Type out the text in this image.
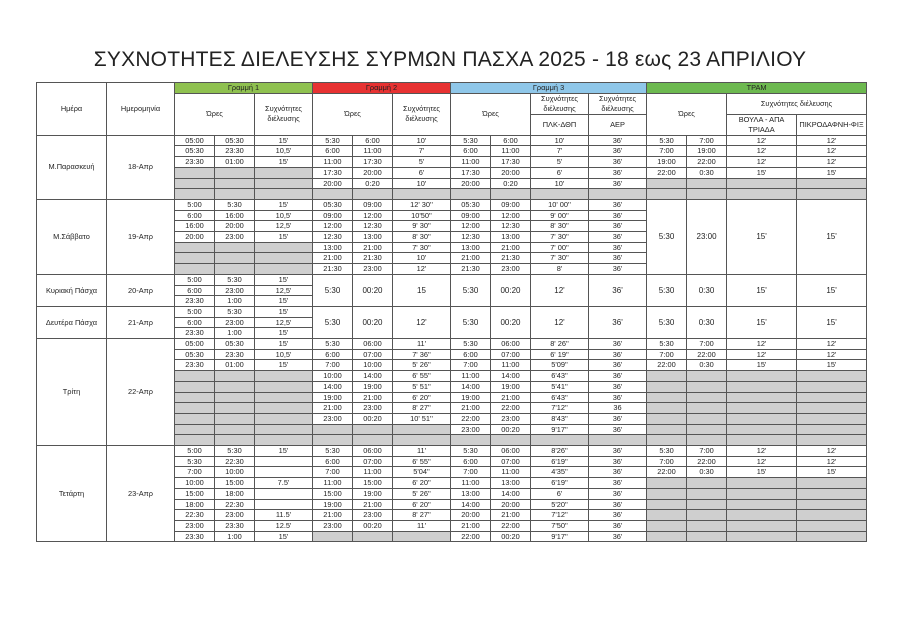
ΣΥΧΝΟΤΗΤΕΣ ΔΙΕΛΕΥΣΗΣ ΣΥΡΜΩΝ ΠΑΣΧΑ 2025 - 18 εως 23 ΑΠΡΙΛΙΟΥ
Ημέρα	Ημερομηνία	Γραμμή 1			Γραμμή 2			Γραμμή 3				ΤΡΑΜ			
		Ώρες		Συχνότητες διέλευσης	Ώρες		Συχνότητες διέλευσης	Ώρες		Συχνότητες διέλευσης	Συχνότητες διέλευσης	Ώρες		Συχνότητες διέλευσης	

										ΠΛΚ-ΔΘΠ	ΑΕΡ			ΒΟΥΛΑ - ΑΠΑ ΤΡΙΑΔΑ	ΠΙΚΡΟΔΑΦΝΗ-ΦΙΞ
Μ.Παρασκευή	18-Απρ	05:00	05:30	15'	5:30	6:00	10'	5:30	6:00	10'	36'	5:30	7:00	12'	12'
		05:30	23:30	10,5'	6:00	11:00	7'	6:00	11:00	7'	36'	7:00	19:00	12'	12'
		23:30	01:00	15'	11:00	17:30	5'	11:00	17:30	5'	36'	19:00	22:00	12'	12'
					17:30	20:00	6'	17:30	20:00	6'	36'	22:00	0:30	15'	15'
					20:00	0:20	10'	20:00	0:20	10'	36'				

Μ.Σάββατο	19-Απρ	5:00	5:30	15'	05:30	09:00	12' 30''	05:30	09:00	10' 00''	36'	5:30	23:00	15'	15'
		6:00	16:00	10,5'	09:00	12:00	10'50''	09:00	12:00	9' 00''	36'				
		16:00	20:00	12,5'	12:00	12:30	9' 30''	12:00	12:30	8' 30''	36'				
		20:00	23:00	15'	12:30	13:00	8' 30''	12:30	13:00	7' 30''	36'				
					13:00	21:00	7' 30''	13:00	21:00	7' 00''	36'				
					21:00	21:30	10'	21:00	21:30	7' 30''	36'				
					21:30	23:00	12'	21:30	23:00	8'	36'				
Κυριακή Πάσχα	20-Απρ	5:00	5:30	15'	5:30	00:20	15	5:30	00:20	12'	36'	5:30	0:30	15'	15'
		6:00	23:00	12,5'											
		23:30	1:00	15'											
Δευτέρα Πάσχα	21-Απρ	5:00	5:30	15'	5:30	00:20	12'	5:30	00:20	12'	36'	5:30	0:30	15'	15'
		6:00	23:00	12,5'											
		23:30	1:00	15'											
Τρίτη	22-Απρ	05:00	05:30	15'	5:30	06:00	11'	5:30	06:00	8' 26''	36'	5:30	7:00	12'	12'
		05:30	23:30	10,5'	6:00	07:00	7' 36''	6:00	07:00	6' 19''	36'	7:00	22:00	12'	12'
		23:30	01:00	15'	7:00	10:00	5' 26''	7:00	11:00	5'09''	36'	22:00	0:30	15'	15'
					10:00	14:00	6' 55''	11:00	14:00	6'43''	36'				
					14:00	19:00	5' 51''	14:00	19:00	5'41''	36'				
					19:00	21:00	6' 20''	19:00	21:00	6'43''	36'				
					21:00	23:00	8' 27''	21:00	22:00	7'12''	36				
					23:00	00:20	10' 51''	22:00	23:00	8'43''	36'				
								23:00	00:20	9'17''	36'				

Τετάρτη	23-Απρ	5:00	5:30	15'	5:30	06:00	11'	5:30	06:00	8'26''	36'	5:30	7:00	12'	12'
		5:30	22:30		6:00	07:00	6' 55''	6:00	07:00	6'19''	36'	7:00	22:00	12'	12'
		7:00	10:00		7:00	11:00	5'04''	7:00	11:00	4'35''	36'	22:00	0:30	15'	15'
		10:00	15:00	7.5'	11:00	15:00	6' 20''	11:00	13:00	6'19''	36'				
		15:00	18:00		15:00	19:00	5' 26''	13:00	14:00	6'	36'				
		18:00	22:30		19:00	21:00	6' 20''	14:00	20:00	5'20''	36'				
		22:30	23:00	11.5'	21:00	23:00	8' 27''	20:00	21:00	7'12''	36'				
		23:00	23:30	12.5'	23:00	00:20	11'	21:00	22:00	7'50''	36'				
		23:30	1:00	15'				22:00	00:20	9'17''	36'				
